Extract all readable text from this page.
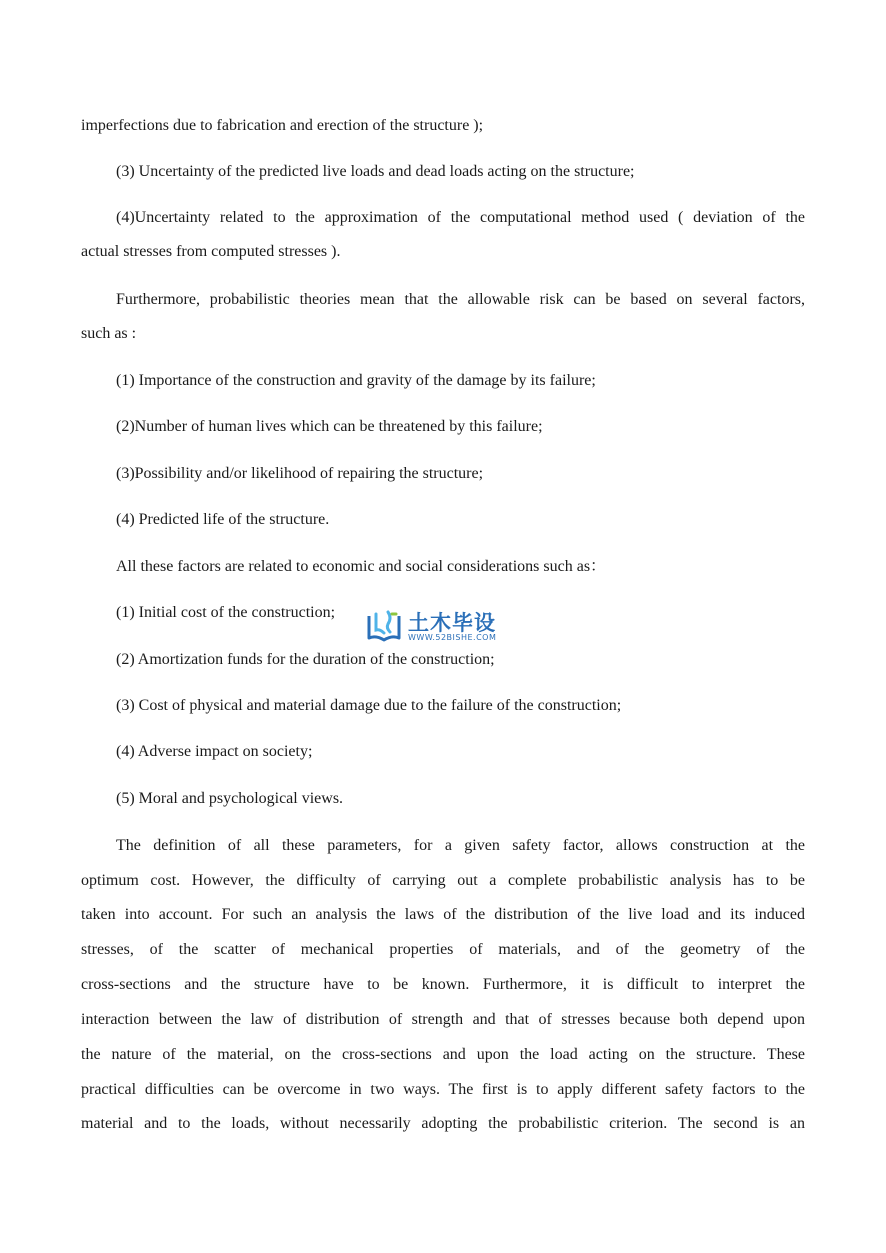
imperfections due to fabrication and erection of the structure );
(3) Uncertainty of the predicted live loads and dead loads acting on the structure;
(4)Uncertainty related to the approximation of the computational method used ( deviation of the
actual stresses from computed stresses ).
Furthermore, probabilistic theories mean that the allowable risk can be based on several factors,
such as :
(1) Importance of the construction and gravity of the damage by its failure;
(2)Number of human lives which can be threatened by this failure;
(3)Possibility and/or likelihood of repairing the structure;
(4) Predicted life of the structure.
All these factors are related to economic and social considerations such as：
(1) Initial cost of the construction;
(2) Amortization funds for the duration of the construction;
(3) Cost of physical and material damage due to the failure of the construction;
(4) Adverse impact on society;
(5) Moral and psychological views.
The definition of all these parameters, for a given safety factor, allows construction at the
optimum cost. However, the difficulty of carrying out a complete probabilistic analysis has to be
taken into account. For such an analysis the laws of the distribution of the live load and its induced
stresses, of the scatter of mechanical properties of materials, and of the geometry of the
cross-sections and the structure have to be known. Furthermore, it is difficult to interpret the
interaction between the law of distribution of strength and that of stresses because both depend upon
the nature of the material, on the cross-sections and upon the load acting on the structure. These
practical difficulties can be overcome in two ways. The first is to apply different safety factors to the
material and to the loads, without necessarily adopting the probabilistic criterion. The second is an
土木毕设
WWW.52BISHE.COM
